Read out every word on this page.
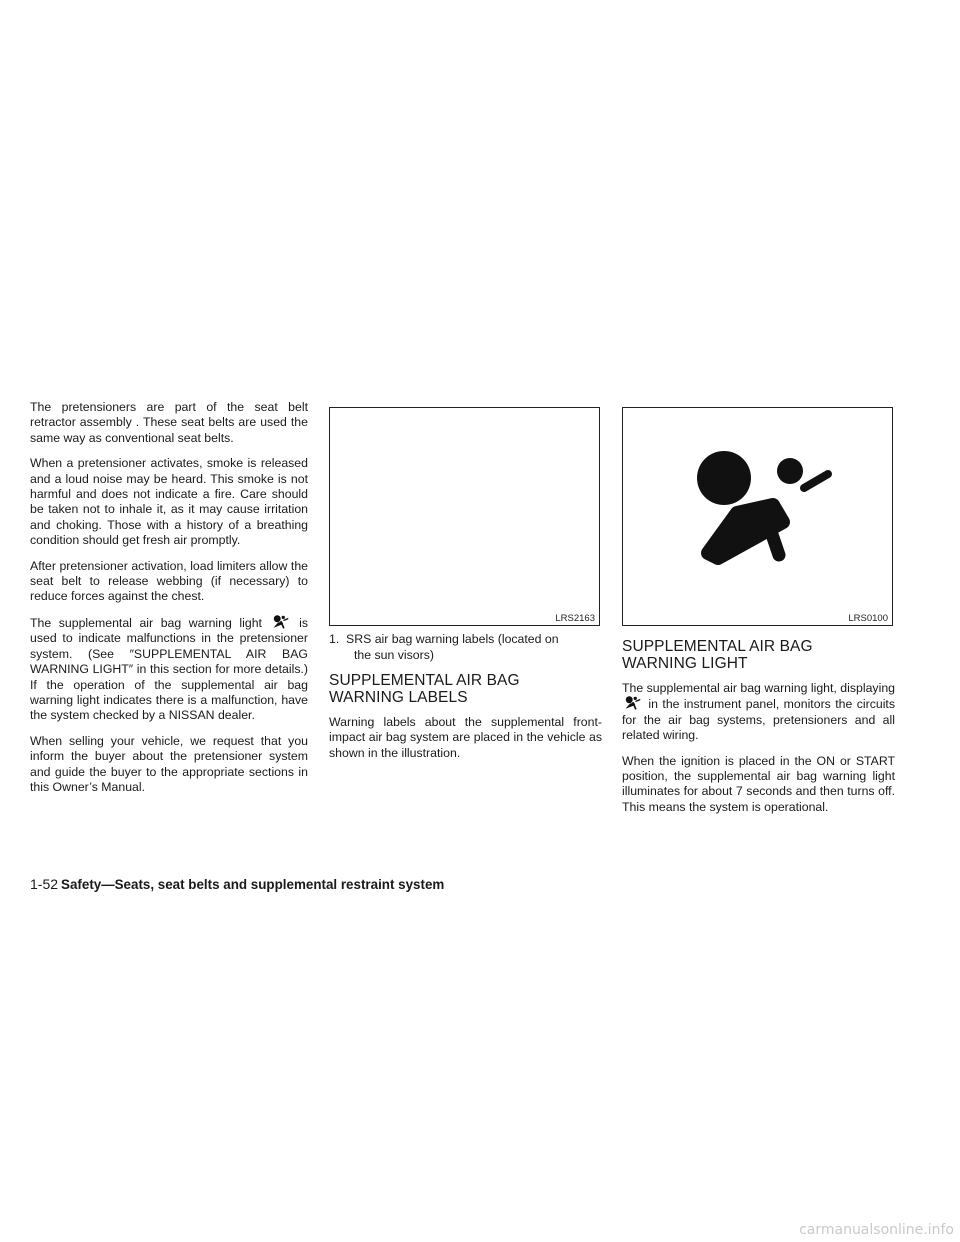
The pretensioners are part of the seat belt retractor assembly . These seat belts are used the same way as conventional seat belts.

When a pretensioner activates, smoke is released and a loud noise may be heard. This smoke is not harmful and does not indicate a fire. Care should be taken not to inhale it, as it may cause irritation and choking. Those with a history of a breathing condition should get fresh air promptly.

After pretensioner activation, load limiters allow the seat belt to release webbing (if necessary) to reduce forces against the chest.

The supplemental air bag warning light	is used to indicate malfunctions in the pretensioner system. (See ″SUPPLEMENTAL AIR BAG WARNING LIGHT″ in this section for more details.) If the operation of the supplemental air bag warning light indicates there is a malfunction, have the system checked by a NISSAN dealer.

When selling your vehicle, we request that you inform the buyer about the pretensioner system and guide the buyer to the appropriate sections in this Owner’s Manual.

LRS2163
1. SRS air bag warning labels (located on
the sun visors)
SUPPLEMENTAL AIR BAG
WARNING LABELS

Warning labels about the supplemental front-impact air bag system are placed in the vehicle as shown in the illustration.

LRS0100
SUPPLEMENTAL AIR BAG
WARNING LIGHT

The supplemental air bag warning light, displaying  in the instrument panel, monitors the circuits for the air bag systems, pretensioners and all related wiring.

When the ignition is placed in the ON or START position, the supplemental air bag warning light illuminates for about 7 seconds and then turns off. This means the system is operational.

1-52 Safety—Seats, seat belts and supplemental restraint system
carmanualsonline.info
